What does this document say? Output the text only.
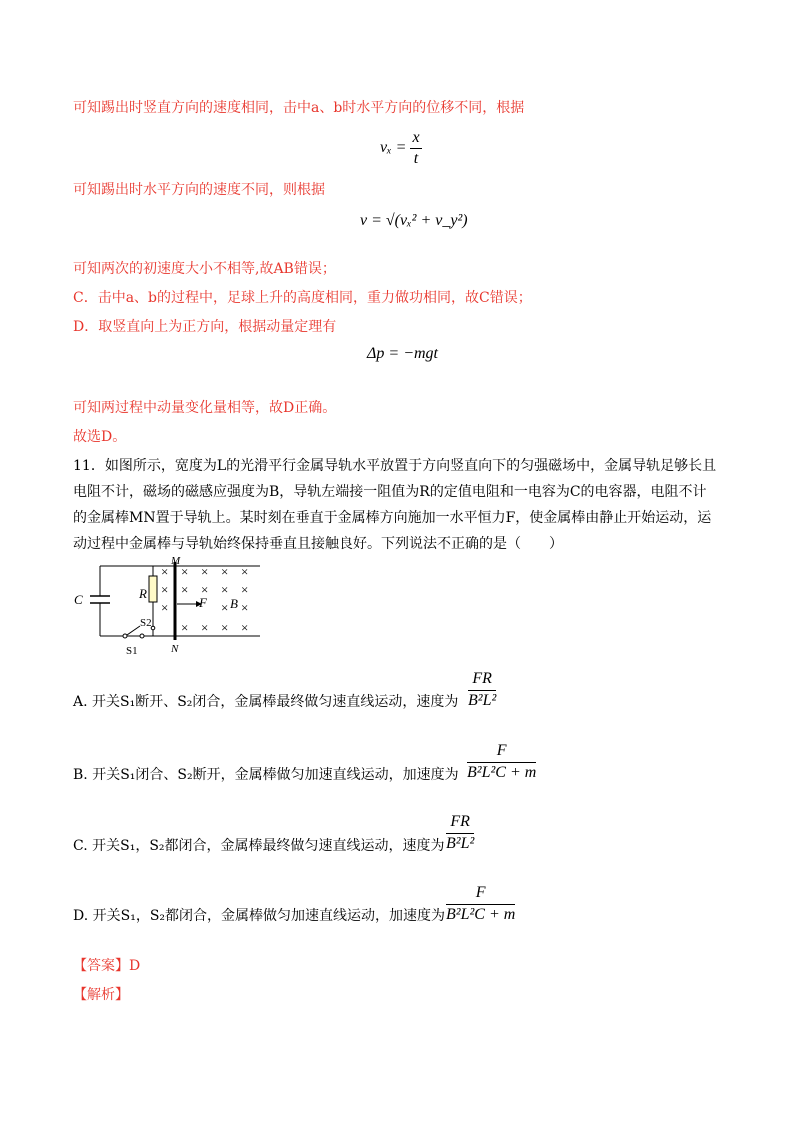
可知踢出时竖直方向的速度相同，击中a、b时水平方向的位移不同，根据
$v_x = \frac{x}{t}$
可知踢出时水平方向的速度不同，则根据
v = √(vₓ² + v_y²)
可知两次的初速度大小不相等,故AB错误；
C．击中a、b的过程中，足球上升的高度相同，重力做功相同，故C错误；
D．取竖直向上为正方向，根据动量定理有
Δp = −mgt
可知两过程中动量变化量相等，故D正确。
故选D。
11．如图所示，宽度为L的光滑平行金属导轨水平放置于方向竖直向下的匀强磁场中，金属导轨足够长且
电阻不计，磁场的磁感应强度为B，导轨左端接一阻值为R的定值电阻和一电容为C的电容器，电阻不计
的金属棒MN置于导轨上。某时刻在垂直于金属棒方向施加一水平恒力F，使金属棒由静止开始运动，运
动过程中金属棒与导轨始终保持垂直且接触良好。下列说法不正确的是（　　）
× × × × ×
× × × × ×
×	× ×
× × × ×
C	R
M
N
F B
S2
S1
A. 开关S₁断开、S₂闭合，金属棒最终做匀速直线运动，速度为 $\frac{FR}{\text{B²L²}}$
B. 开关S₁闭合、S₂断开，金属棒做匀加速直线运动，加速度为 $\frac{F}{\text{B²L²C + m}}$
C. 开关S₁，S₂都闭合，金属棒最终做匀速直线运动，速度为 $\frac{FR}{\text{B²L²}}$
D. 开关S₁，S₂都闭合，金属棒做匀加速直线运动，加速度为 $\frac{F}{\text{B²L²C + m}}$
【答案】D
【解析】
